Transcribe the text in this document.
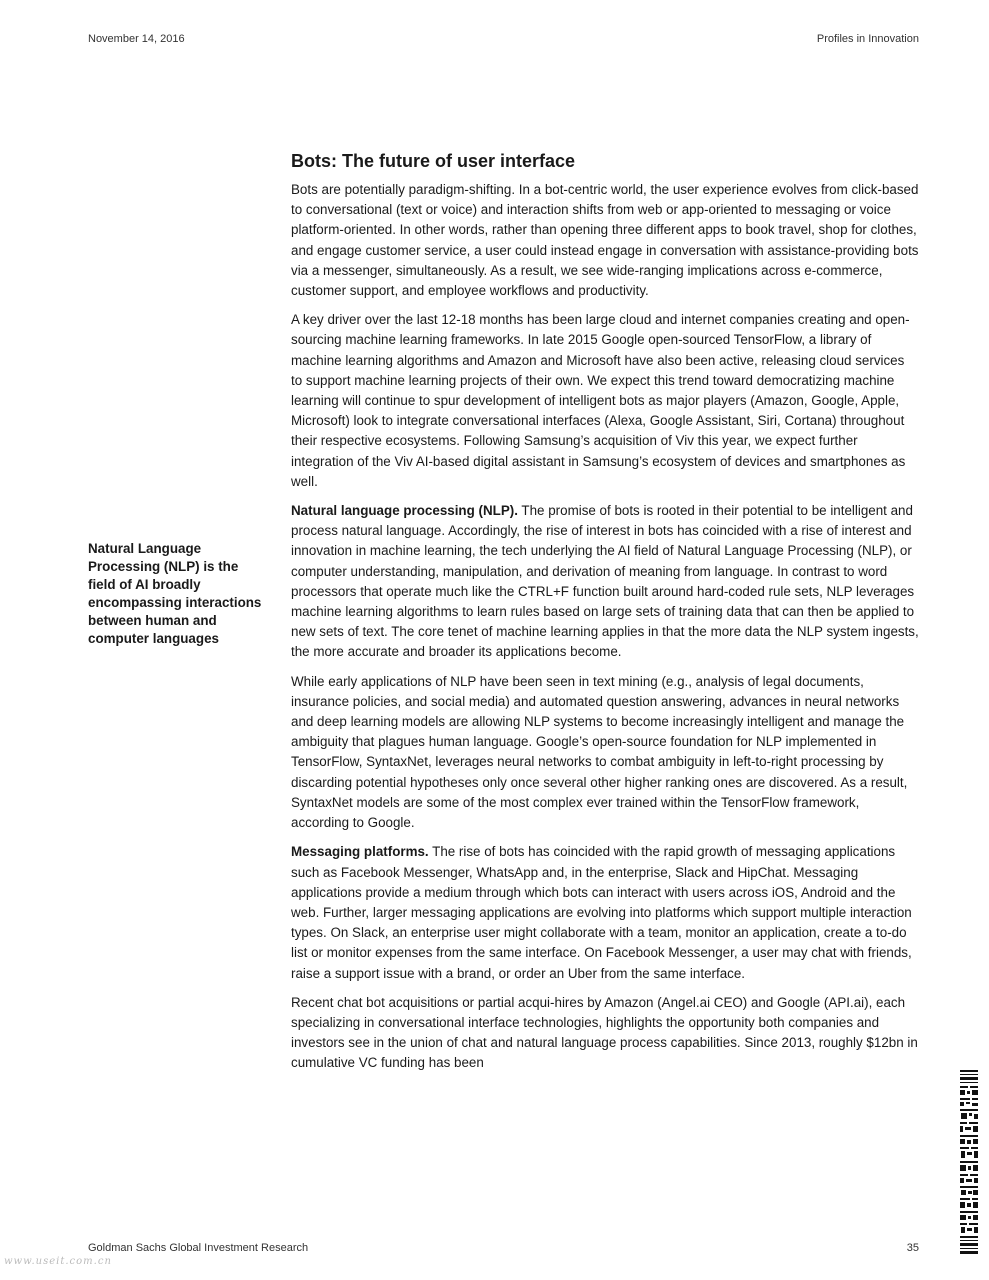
November 14, 2016	Profiles in Innovation
Natural Language Processing (NLP) is the field of AI broadly encompassing interactions between human and computer languages
Bots: The future of user interface

Bots are potentially paradigm-shifting. In a bot-centric world, the user experience evolves from click-based to conversational (text or voice) and interaction shifts from web or app-oriented to messaging or voice platform-oriented. In other words, rather than opening three different apps to book travel, shop for clothes, and engage customer service, a user could instead engage in conversation with assistance-providing bots via a messenger, simultaneously. As a result, we see wide-ranging implications across e-commerce, customer support, and employee workflows and productivity.

A key driver over the last 12-18 months has been large cloud and internet companies creating and open-sourcing machine learning frameworks. In late 2015 Google open-sourced TensorFlow, a library of machine learning algorithms and Amazon and Microsoft have also been active, releasing cloud services to support machine learning projects of their own. We expect this trend toward democratizing machine learning will continue to spur development of intelligent bots as major players (Amazon, Google, Apple, Microsoft) look to integrate conversational interfaces (Alexa, Google Assistant, Siri, Cortana) throughout their respective ecosystems. Following Samsung’s acquisition of Viv this year, we expect further integration of the Viv AI-based digital assistant in Samsung’s ecosystem of devices and smartphones as well.

Natural language processing (NLP). The promise of bots is rooted in their potential to be intelligent and process natural language. Accordingly, the rise of interest in bots has coincided with a rise of interest and innovation in machine learning, the tech underlying the AI field of Natural Language Processing (NLP), or computer understanding, manipulation, and derivation of meaning from language. In contrast to word processors that operate much like the CTRL+F function built around hard-coded rule sets, NLP leverages machine learning algorithms to learn rules based on large sets of training data that can then be applied to new sets of text. The core tenet of machine learning applies in that the more data the NLP system ingests, the more accurate and broader its applications become.

While early applications of NLP have been seen in text mining (e.g., analysis of legal documents, insurance policies, and social media) and automated question answering, advances in neural networks and deep learning models are allowing NLP systems to become increasingly intelligent and manage the ambiguity that plagues human language. Google’s open-source foundation for NLP implemented in TensorFlow, SyntaxNet, leverages neural networks to combat ambiguity in left-to-right processing by discarding potential hypotheses only once several other higher ranking ones are discovered. As a result, SyntaxNet models are some of the most complex ever trained within the TensorFlow framework, according to Google.

Messaging platforms. The rise of bots has coincided with the rapid growth of messaging applications such as Facebook Messenger, WhatsApp and, in the enterprise, Slack and HipChat. Messaging applications provide a medium through which bots can interact with users across iOS, Android and the web. Further, larger messaging applications are evolving into platforms which support multiple interaction types. On Slack, an enterprise user might collaborate with a team, monitor an application, create a to-do list or monitor expenses from the same interface. On Facebook Messenger, a user may chat with friends, raise a support issue with a brand, or order an Uber from the same interface.

Recent chat bot acquisitions or partial acqui-hires by Amazon (Angel.ai CEO) and Google (API.ai), each specializing in conversational interface technologies, highlights the opportunity both companies and investors see in the union of chat and natural language process capabilities. Since 2013, roughly $12bn in cumulative VC funding has been

Goldman Sachs Global Investment Research	35
www.useit.com.cn
